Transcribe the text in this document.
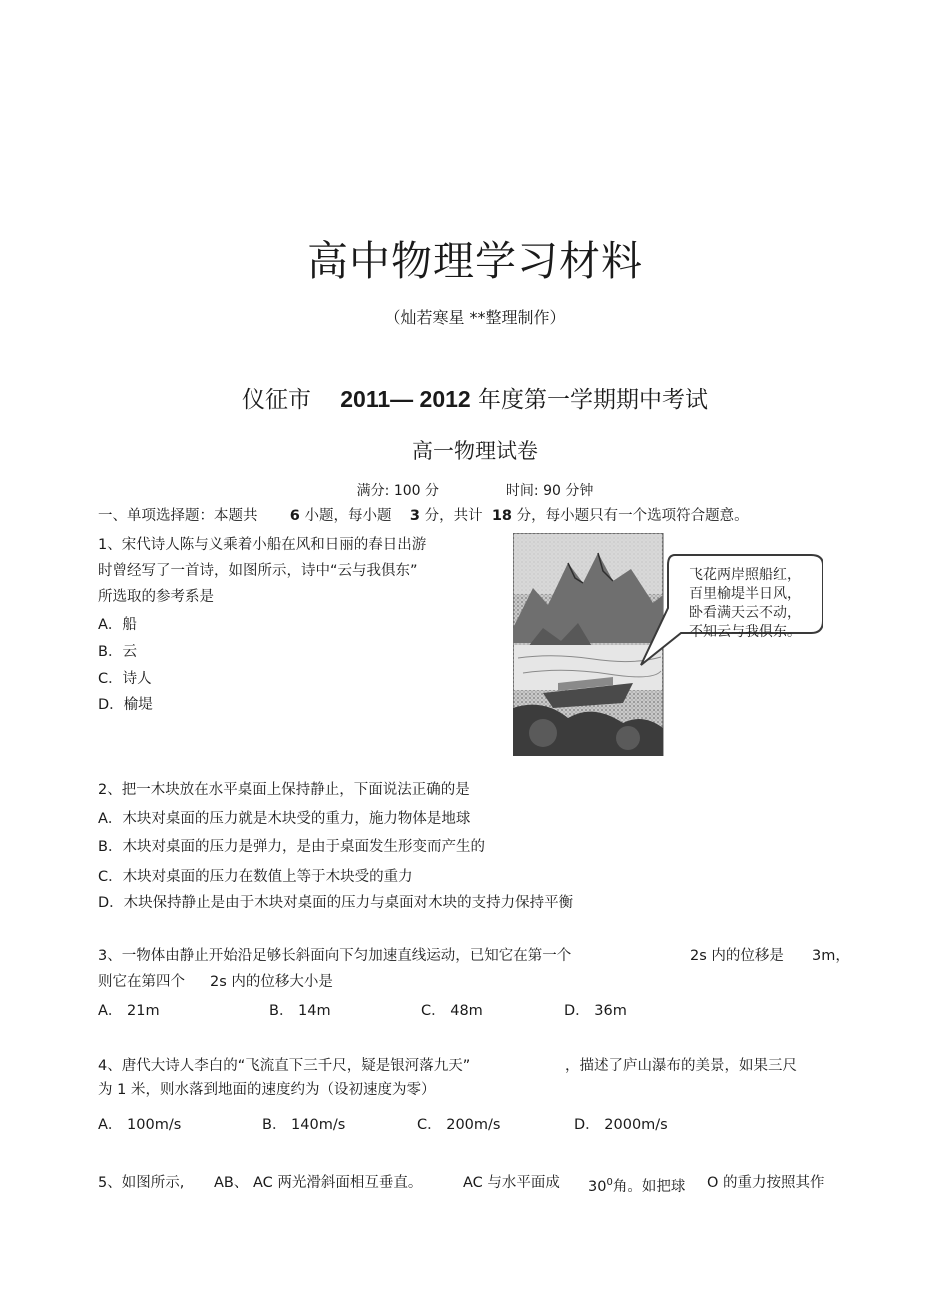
高中物理学习材料
（灿若寒星 **整理制作）
仪征市 2011— 2012 年度第一学期期中考试
高一物理试卷
满分: 100 分	时间: 90 分钟
一、单项选择题：本题共 6 小题，每小题 3 分，共计 18 分，每小题只有一个选项符合题意。
1、宋代诗人陈与义乘着小船在风和日丽的春日出游
时曾经写了一首诗，如图所示，诗中“云与我俱东”
所选取的参考系是
A．船
B．云
C．诗人
D．榆堤
飞花两岸照船红，
百里榆堤半日风，
卧看满天云不动，
不知云与我俱东。
2、把一木块放在水平桌面上保持静止，下面说法正确的是
A．木块对桌面的压力就是木块受的重力，施力物体是地球
B．木块对桌面的压力是弹力，是由于桌面发生形变而产生的
C．木块对桌面的压力在数值上等于木块受的重力
D．木块保持静止是由于木块对桌面的压力与桌面对木块的支持力保持平衡
3、一物体由静止开始沿足够长斜面向下匀加速直线运动，已知它在第一个	2s 内的位移是 3m，
则它在第四个 2s 内的位移大小是
A． 21m	B． 14m	C． 48m	D． 36m
4、唐代大诗人李白的“飞流直下三千尺，疑是银河落九天”	，描述了庐山瀑布的美景，如果三尺
为 1 米，则水落到地面的速度约为（设初速度为零）
A． 100m/s	B． 140m/s	C． 200m/s	D． 2000m/s
5、如图所示, AB、 AC 两光滑斜面相互垂直。	AC 与水平面成 $30^0$角。如把球 O 的重力按照其作
